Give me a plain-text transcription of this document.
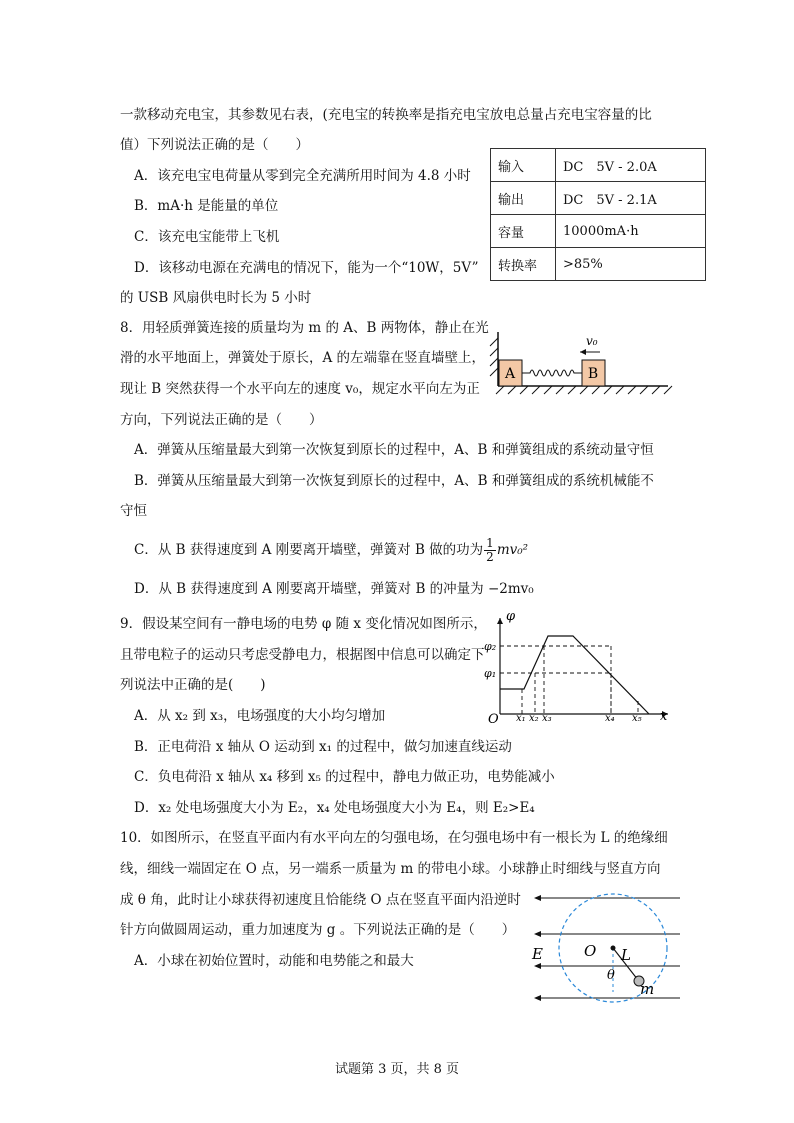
一款移动充电宝，其参数见右表，(充电宝的转换率是指充电宝放电总量占充电宝容量的比
值）下列说法正确的是（　　）
A．该充电宝电荷量从零到完全充满所用时间为 4.8 小时
B．mA·h 是能量的单位
C．该充电宝能带上飞机
D．该移动电源在充满电的情况下，能为一个“10W，5V”
的 USB 风扇供电时长为 5 小时
输入	DC　5V - 2.0A
输出	DC　5V - 2.1A
容量	10000mA·h
转换率	>85%
8．用轻质弹簧连接的质量均为 m 的 A、B 两物体，静止在光
滑的水平地面上，弹簧处于原长，A 的左端靠在竖直墙壁上，
现让 B 突然获得一个水平向左的速度 v₀，规定水平向左为正
方向，下列说法正确的是（　　）
A	B
v₀
A．弹簧从压缩量最大到第一次恢复到原长的过程中，A、B 和弹簧组成的系统动量守恒
B．弹簧从压缩量最大到第一次恢复到原长的过程中，A、B 和弹簧组成的系统机械能不
守恒
C．从 B 获得速度到 A 刚要离开墙壁，弹簧对 B 做的功为 $\frac{1}{2} mv_0^2$
D．从 B 获得速度到 A 刚要离开墙壁，弹簧对 B 的冲量为 −2mv₀
9．假设某空间有一静电场的电势 φ 随 x 变化情况如图所示，
且带电粒子的运动只考虑受静电力，根据图中信息可以确定下
列说法中正确的是(　　)
A．从 x₂ 到 x₃，电场强度的大小均匀增加
B．正电荷沿 x 轴从 O 运动到 x₁ 的过程中，做匀加速直线运动
C．负电荷沿 x 轴从 x₄ 移到 x₅ 的过程中，静电力做正功，电势能减小
D．x₂ 处电场强度大小为 E₂，x₄ 处电场强度大小为 E₄，则 E₂>E₄
φ
x
O
φ₂
φ₁
x₁ x₂ x₃	x₄ x₅
10．如图所示，在竖直平面内有水平向左的匀强电场，在匀强电场中有一根长为 L 的绝缘细
线，细线一端固定在 O 点，另一端系一质量为 m 的带电小球。小球静止时细线与竖直方向
成 θ 角，此时让小球获得初速度且恰能绕 O 点在竖直平面内沿逆时
针方向做圆周运动，重力加速度为 g 。下列说法正确的是（　　）
A．小球在初始位置时，动能和电势能之和最大	E	O L
θ
m
试题第 3 页，共 8 页
